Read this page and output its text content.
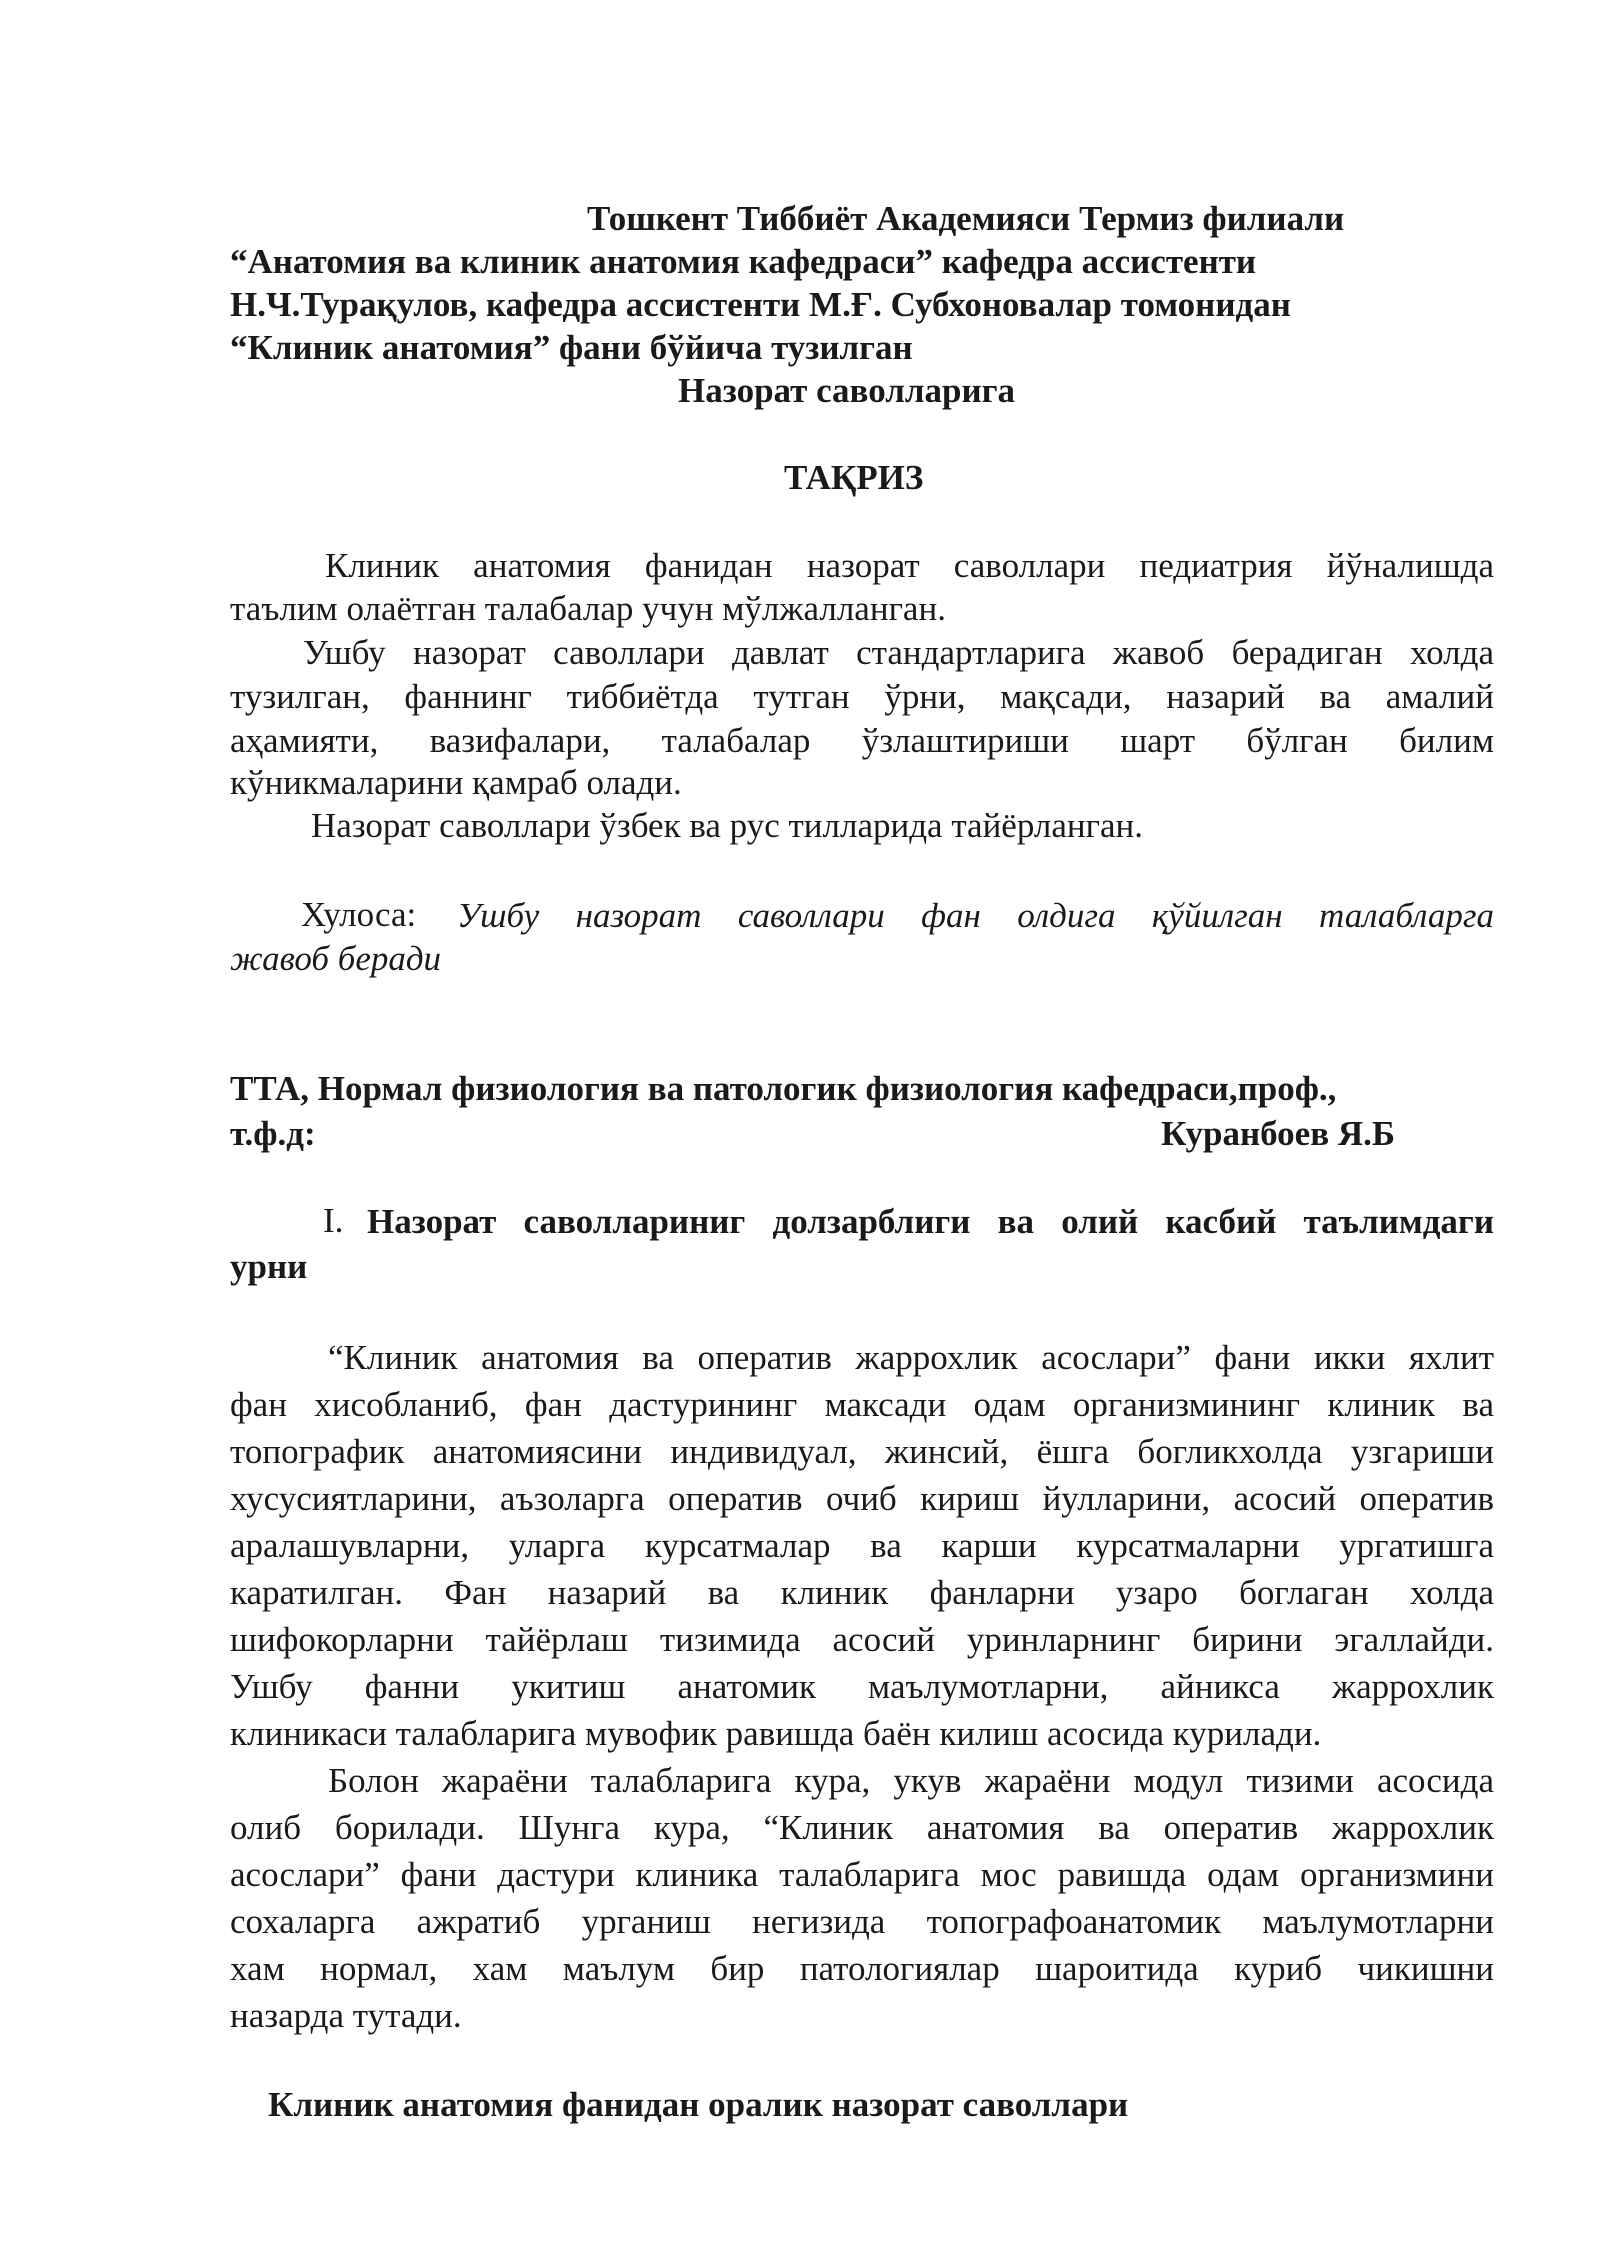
Тошкент Тиббиёт Академияси Термиз филиали
“Анатомия ва клиник анатомия кафедраси” кафедра ассистенти
Н.Ч.Турақулов, кафедра ассистенти М.Ғ. Субхоновалар томонидан
“Клиник анатомия” фани бўйича тузилган
Назорат саволларига
ТАҚРИЗ
Клиник анатомия фанидан назорат саволлари педиатрия йўналишда
таълим олаётган талабалар учун мўлжалланган.
Ушбу назорат саволлари давлат стандартларига жавоб берадиган холда
тузилган, фаннинг тиббиётда тутган ўрни, мақсади, назарий ва амалий
аҳамияти, вазифалари, талабалар ўзлаштириши шарт бўлган билим
кўникмаларини қамраб олади.
Назорат саволлари ўзбек ва рус тилларида тайёрланган.
Хулоса: Ушбу назорат саволлари фан олдига қўйилган талабларга
жавоб беради
ТТА, Нормал физиология ва патологик физиология кафедраси,проф.,
т.ф.д:	Куранбоев Я.Б
I. Назорат саволлариниг долзарблиги ва олий касбий таълимдаги
урни
“Клиник анатомия ва оператив жаррохлик асослари” фани икки яхлит
фан хисобланиб, фан дастурининг максади одам организмининг клиник ва
топографик анатомиясини индивидуал, жинсий, ёшга богликхолда узгариши
хусусиятларини, аъзоларга оператив очиб кириш йулларини, асосий оператив
аралашувларни, уларга курсатмалар ва карши курсатмаларни ургатишга
каратилган. Фан назарий ва клиник фанларни узаро боглаган холда
шифокорларни тайёрлаш тизимида асосий уринларнинг бирини эгаллайди.
Ушбу фанни укитиш анатомик маълумотларни, айникса жаррохлик
клиникаси талабларига мувофик равишда баён килиш асосида курилади.
Болон жараёни талабларига кура, укув жараёни модул тизими асосида
олиб борилади. Шунга кура, “Клиник анатомия ва оператив жаррохлик
асослари” фани дастури клиника талабларига мос равишда одам организмини
сохаларга ажратиб урганиш негизида топографоанатомик маълумотларни
хам нормал, хам маълум бир патологиялар шароитида куриб чикишни
назарда тутади.
Клиник анатомия фанидан оралик назорат саволлари
